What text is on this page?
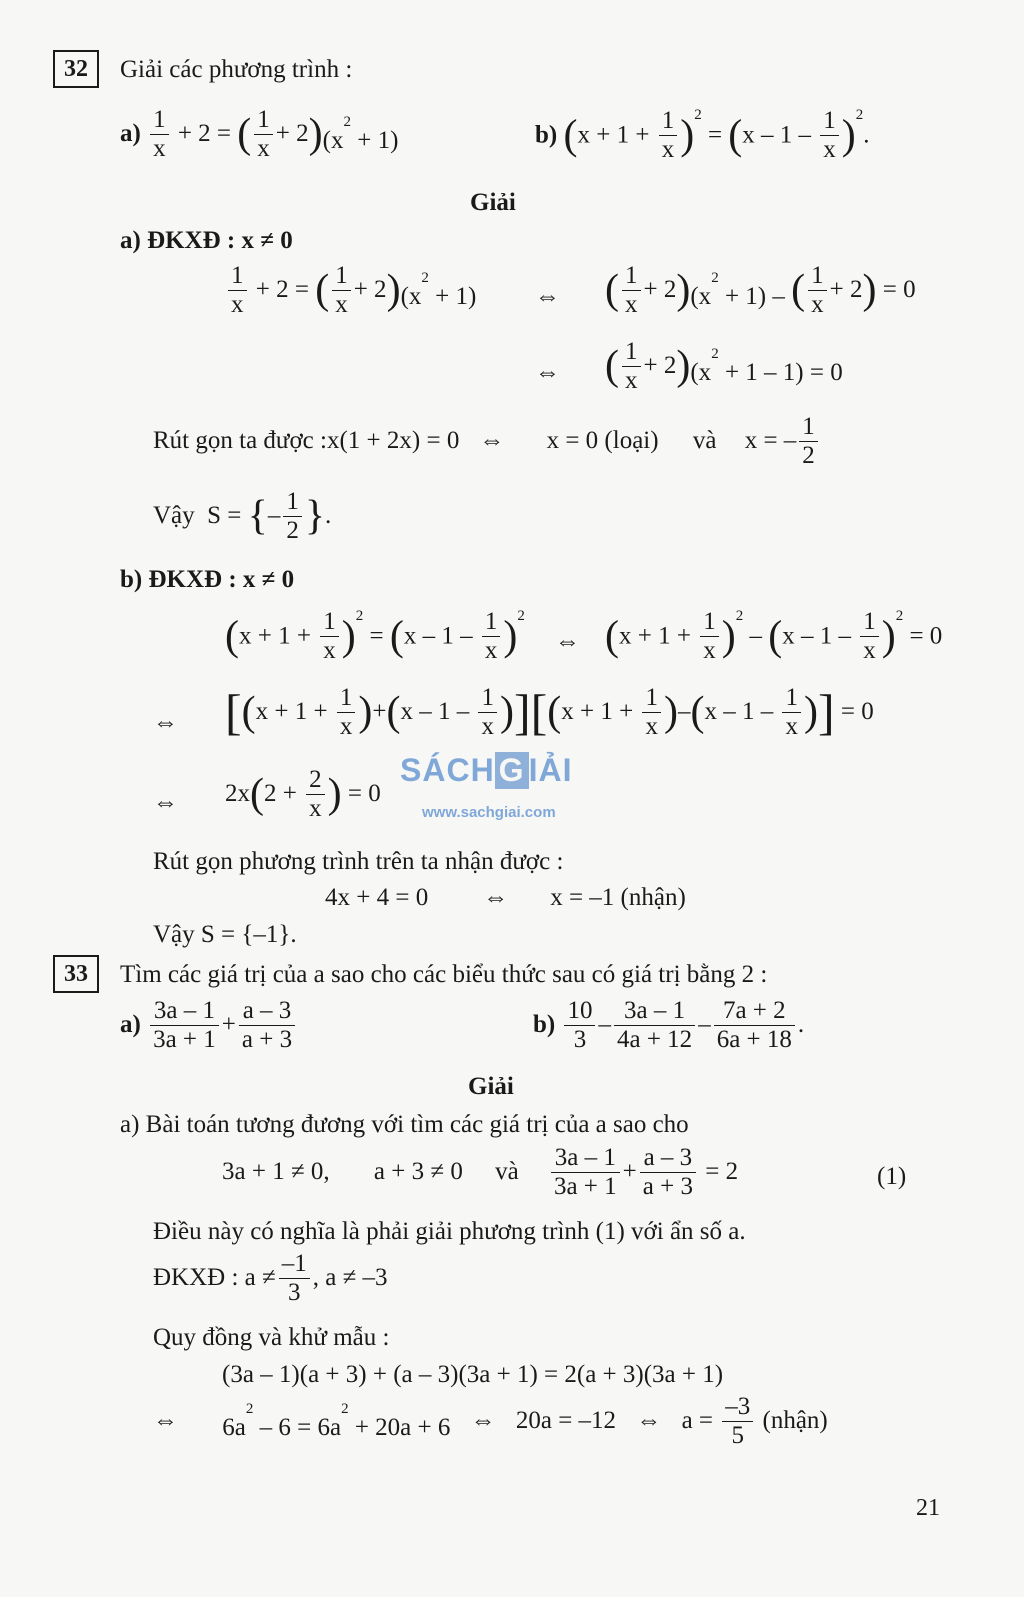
32	Giải các phương trình :
$a) \frac{1}{x} + 2$ = ( $\frac{1}{x} + 2)(x^2 + 1)$	b) $(x + 1 + \frac{1}{x} )^2 = (x - 1 - \frac{1}{x} )^2$.
Giải
a) ĐKXĐ : x ≠ 0
$\frac{1}{x} + 2$ = ( $\frac{1}{x} + 2)(x^2 + 1)$ ⇔ ( $\frac{1}{x} + 2)(x^2 + 1)$ – ( $\frac{1}{x} + 2) = 0$
⇔ ( $\frac{1}{x} + 2)(x^2 + 1 - 1) = 0$
Rút gọn ta được :x(1 + 2x) = 0 ⇔ x = 0 (loại) và x = – $\frac{1}{2}$
Vậy  S = {– $\frac{1}{2}$ }.
b) ĐKXĐ : x ≠ 0
$(x + 1 + \frac{1}{x} )^2 = (x - 1 - \frac{1}{x} )^2$
⇔ $(x + 1 + \frac{1}{x} )^2 - (x - 1 - \frac{1}{x} )^2 = 0$
⇔ $[(x + 1 + \frac{1}{x} )+(x - 1 - \frac{1}{x} )][(x + 1 + \frac{1}{x} )-(x - 1 - \frac{1}{x}$ )] = 0
SÁCH G IẢI
www.sachgiai.com
⇔ $2x(2 + \frac{2}{x}$ ) = 0
Rút gọn phương trình trên ta nhận được :
4x + 4 = 0 ⇔ x = –1 (nhận)
Vậy S = {–1}.
33	Tìm các giá trị của a sao cho các biểu thức sau có giá trị bằng 2 :
$a) \frac{3a - 1}{3a + 1} + \frac{a - 3}{a + 3}$	$b) \frac{10}{3} - \frac{3a - 1}{4a + 12} - \frac{7a + 2}{6a + 18}$ .
Giải
a) Bài toán tương đương với tìm các giá trị của a sao cho
3a + 1 ≠ 0, a + 3 ≠ 0 và $\frac{3a - 1}{3a + 1} + \frac{a - 3}{a + 3} = 2$	(1)
Điều này có nghĩa là phải giải phương trình (1) với ẩn số a.
ĐKXĐ : $a \ne \frac{-1}{3}$ , a ≠ –3
Quy đồng và khử mẫu :
(3a – 1)(a + 3) + (a – 3)(3a + 1) = 2(a + 3)(3a + 1)
⇔ $6a^2 - 6 = 6a^2 + 20a + 6$ ⇔ 20a = –12 ⇔ $a = \frac{-3}{5}$ (nhận)
21
